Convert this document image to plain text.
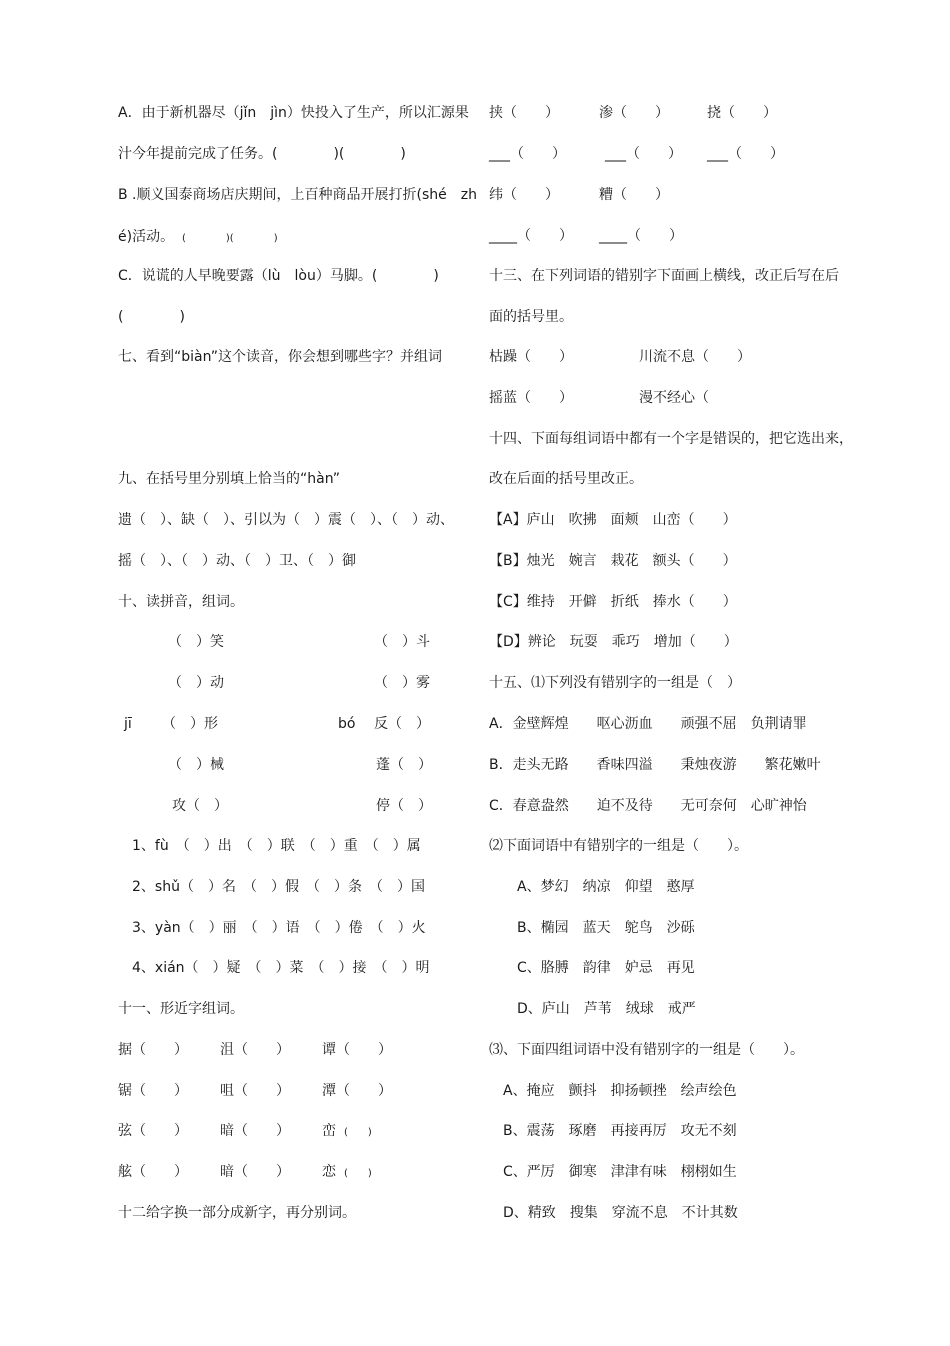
A．由于新机器尽（jǐn　jìn）快投入了生产，所以汇源果
汁今年提前完成了任务。(　　　　)(　　　　)
B .顺义国泰商场店庆期间，上百种商品开展打折(shé　zh
é)活动。 (　　　　)(　　　　)
C．说谎的人早晚要露（lù　lòu）马脚。(　　　　)
(　　　　)
七、看到“biàn”这个读音，你会想到哪些字？并组词
九、在括号里分别填上恰当的“hàn”
遗（　）、缺（　）、引以为（　）震（　）、（　）动、
摇（　）、（　）动、（　）卫、（　）御
十、读拼音，组词。
（　）笑	（　）斗
（　）动	（　）雾
jī （　）形	bó 反（　）
（　）械	蓬（　）
攻（　）	停（　）
1、fù　（　）出　（　）联　（　）重　（　）属
2、shǔ（　）名　（　）假　（　）条　（　）国
3、yàn（　）丽　（　）语　（　）倦　（　）火
4、xián（　）疑　（　）菜　（　）接　（　）明
十一、形近字组词。
据（　　） 沮（　　） 谭（　　）
锯（　　） 咀（　　） 潭（　　）
弦（　　） 暗（　　） 峦 (　　)
舷（　　） 暗（　　） 恋 (　　)
十二给字换一部分成新字，再分别词。
挟（　　）	渗（　　）	挠（　　）
___（　　）	___（　　） ___（　　）
纬（　　）	糟（　　）
____（　　） ____（　　）
十三、在下列词语的错别字下面画上横线，改正后写在后
面的括号里。
枯躁（　　）	川流不息（　　）
摇蓝（　　）	漫不经心（
十四、下面每组词语中都有一个字是错误的，把它选出来，
改在后面的括号里改正。
【A】庐山　吹拂　面颊　山峦（　　）
【B】烛光　婉言　栽花　额头（　　）
【C】维持　开僻　折纸　捧水（　　）
【D】辨论　玩耍　乖巧　增加（　　）
十五、⑴下列没有错别字的一组是（　）
A．金壁辉煌　　呕心沥血　　顽强不屈　负荆请罪
B．走头无路　　香味四溢　　秉烛夜游　　繁花嫩叶
C．春意盎然　　迫不及待　　无可奈何　心旷神怡
⑵下面词语中有错别字的一组是（　　）。
A、梦幻　纳凉　仰望　憨厚
B、椭园　蓝天　鸵鸟　沙砾
C、胳膊　韵律　妒忌　再见
D、庐山　芦苇　绒球　戒严
⑶、下面四组词语中没有错别字的一组是（　　）。
A、掩应　颤抖　抑扬顿挫　绘声绘色
B、震荡　琢磨　再接再厉　攻无不刻
C、严厉　御寒　津津有味　栩栩如生
D、精致　搜集　穿流不息　不计其数
